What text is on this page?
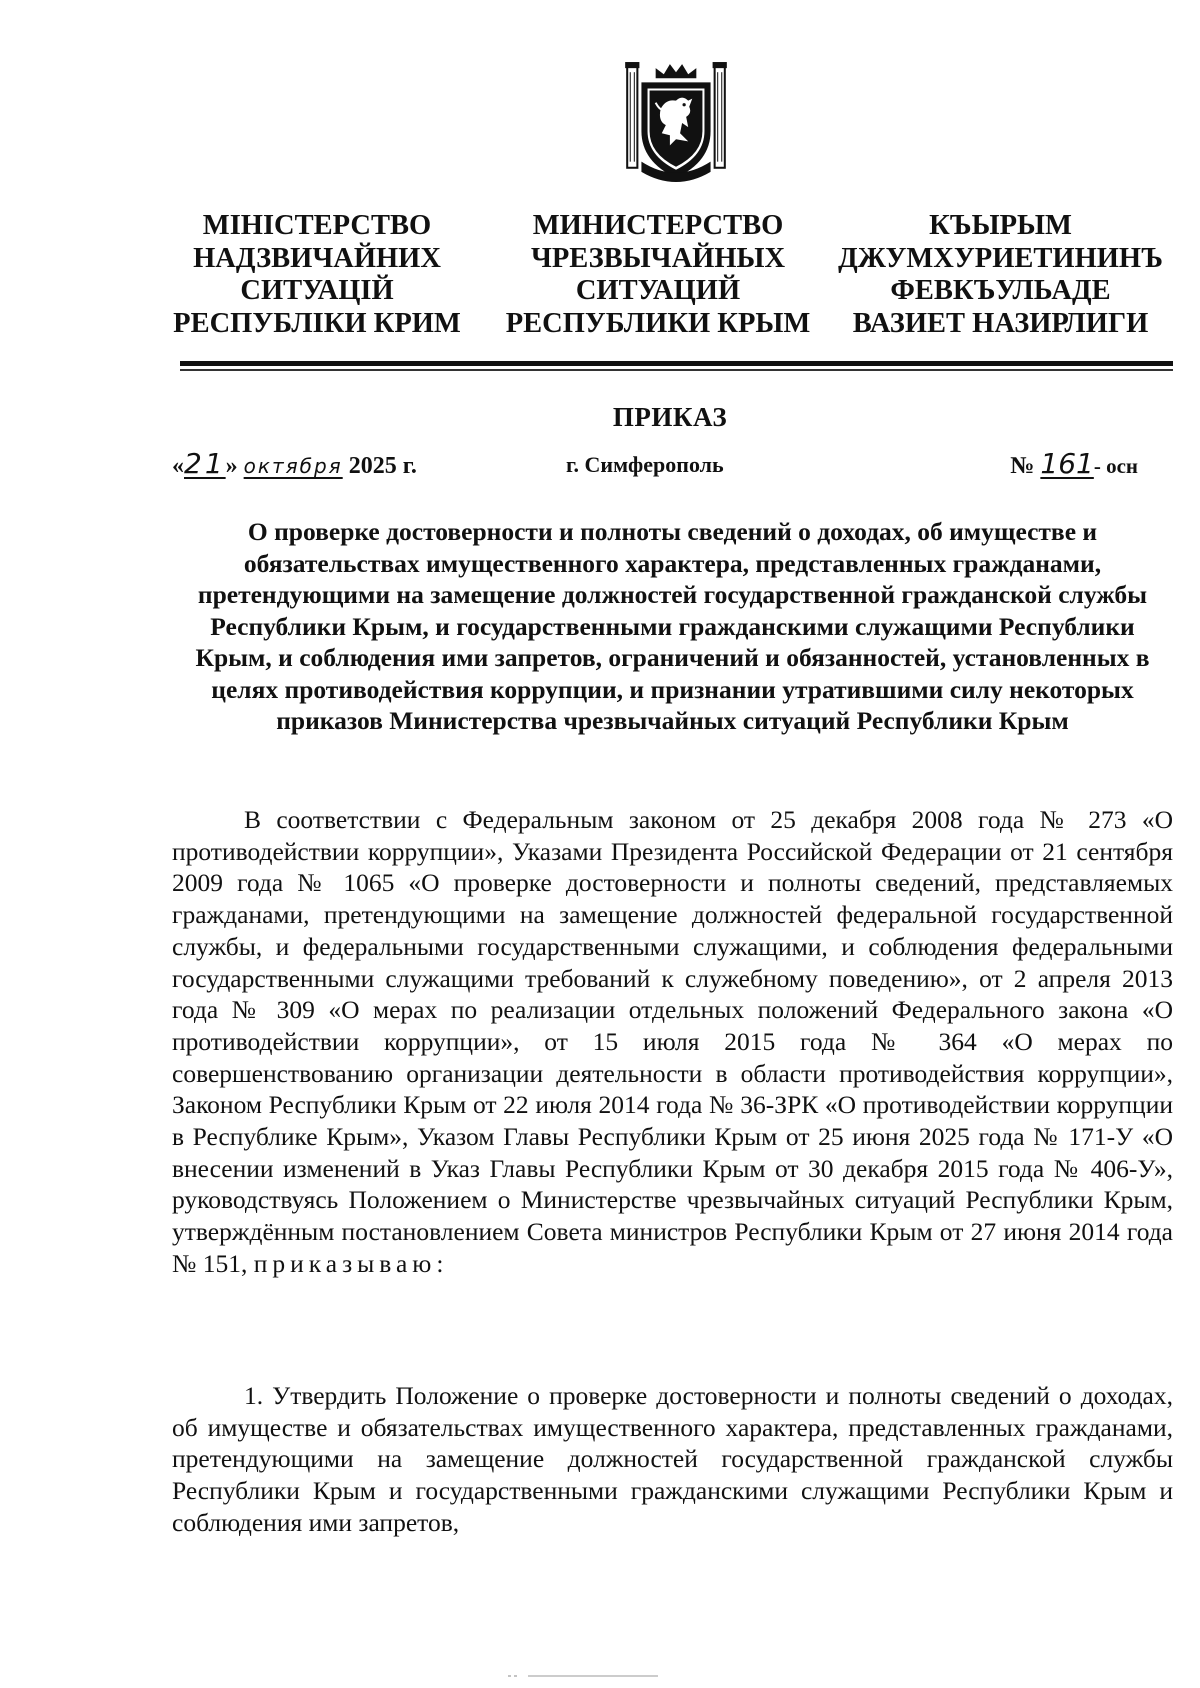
МІНІСТЕРСТВО
НАДЗВИЧАЙНИХ
СИТУАЦІЙ
РЕСПУБЛІКИ КРИМ
МИНИСТЕРСТВО
ЧРЕЗВЫЧАЙНЫХ
СИТУАЦИЙ
РЕСПУБЛИКИ КРЫМ
КЪЫРЫМ
ДЖУМХУРИЕТИНИНЪ
ФЕВКЪУЛЬАДЕ
ВАЗИЕТ НАЗИРЛИГИ
ПРИКАЗ
«21» октября 2025 г.	г. Симферополь	№ 161- осн
О проверке достоверности и полноты сведений о доходах, об имуществе и обязательствах имущественного характера, представленных гражданами, претендующими на замещение должностей государственной гражданской службы Республики Крым, и государственными гражданскими служащими Республики Крым, и соблюдения ими запретов, ограничений и обязанностей, установленных в целях противодействия коррупции, и признании утратившими силу некоторых приказов Министерства чрезвычайных ситуаций Республики Крым

В соответствии с Федеральным законом от 25 декабря 2008 года № 273 «О противодействии коррупции», Указами Президента Российской Федерации от 21 сентября 2009 года № 1065 «О проверке достоверности и полноты сведений, представляемых гражданами, претендующими на замещение должностей федеральной государственной службы, и федеральными государственными служащими, и соблюдения федеральными государственными служащими требований к служебному поведению», от 2 апреля 2013 года № 309 «О мерах по реализации отдельных положений Федерального закона «О противодействии коррупции», от 15 июля 2015 года № 364 «О мерах по совершенствованию организации деятельности в области противодействия коррупции», Законом Республики Крым от 22 июля 2014 года № 36-ЗРК «О противодействии коррупции в Республике Крым», Указом Главы Республики Крым от 25 июня 2025 года № 171-У «О внесении изменений в Указ Главы Республики Крым от 30 декабря 2015 года № 406-У», руководствуясь Положением о Министерстве чрезвычайных ситуаций Республики Крым, утверждённым постановлением Совета министров Республики Крым от 27 июня 2014 года № 151, приказываю:

1. Утвердить Положение о проверке достоверности и полноты сведений о доходах, об имуществе и обязательствах имущественного характера, представленных гражданами, претендующими на замещение должностей государственной гражданской службы Республики Крым и государственными гражданскими служащими Республики Крым и соблюдения ими запретов,
